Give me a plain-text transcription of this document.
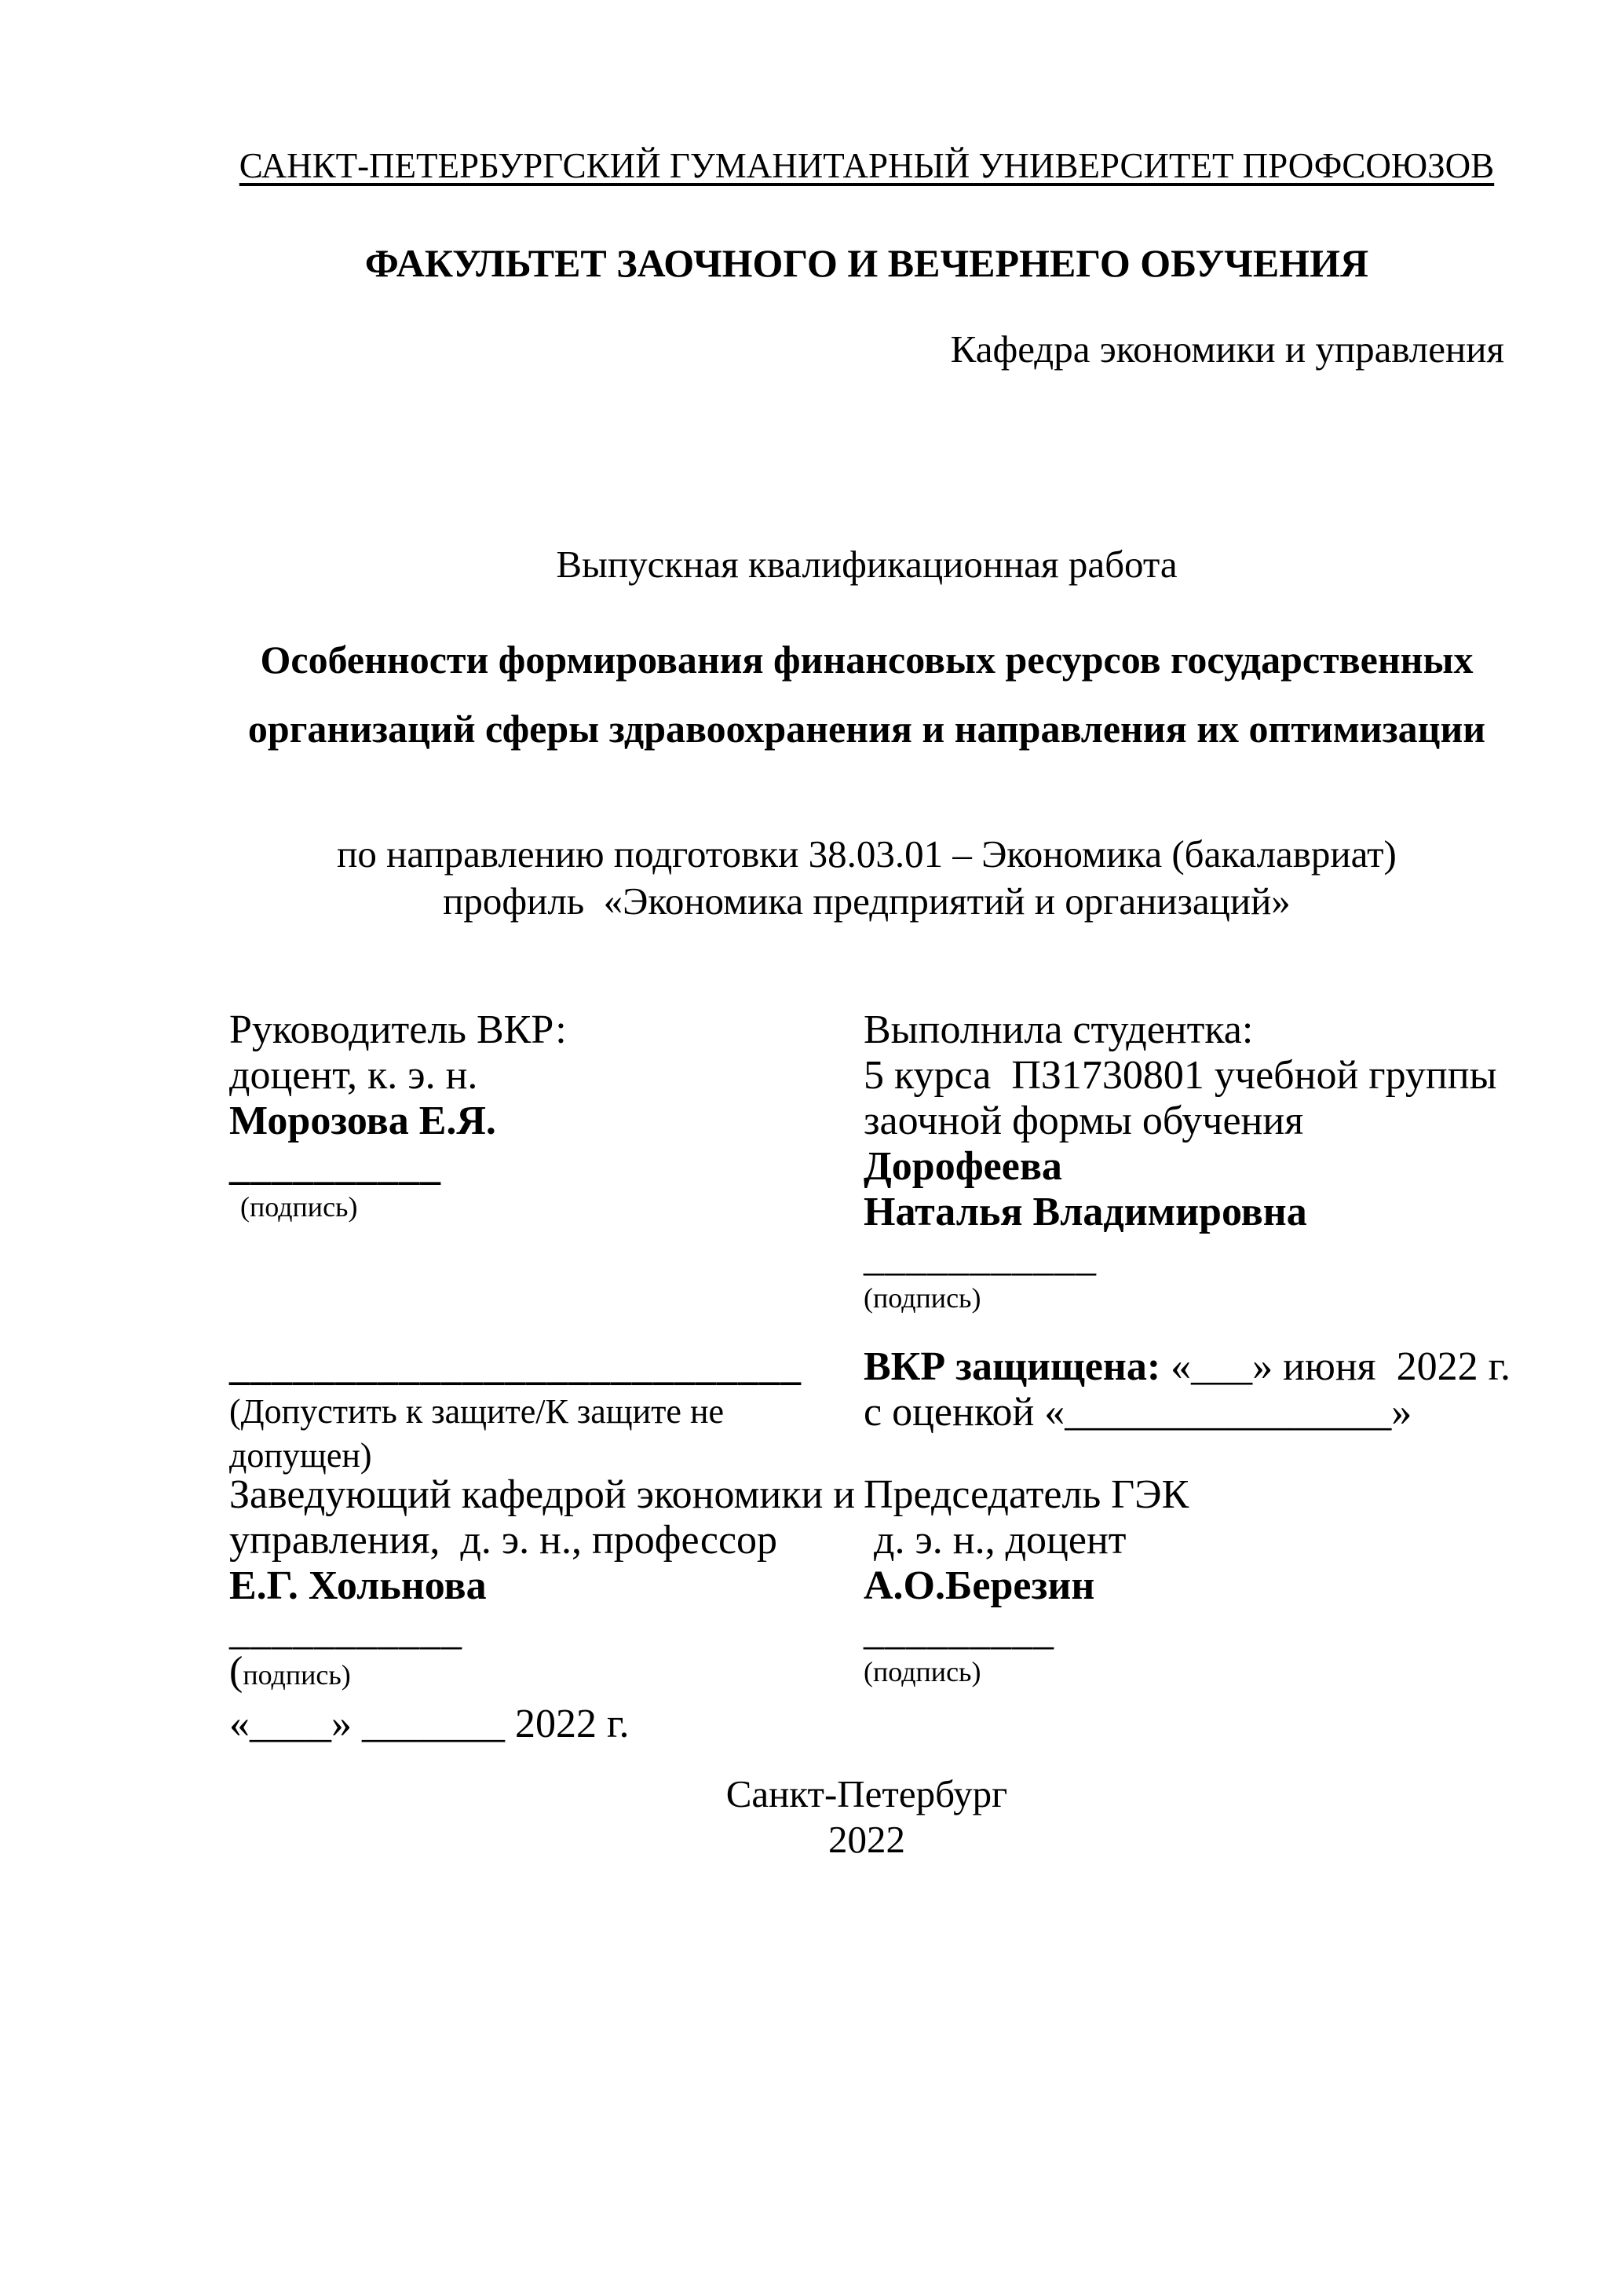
САНКТ-ПЕТЕРБУРГСКИЙ ГУМАНИТАРНЫЙ УНИВЕРСИТЕТ ПРОФСОЮЗОВ
ФАКУЛЬТЕТ ЗАОЧНОГО И ВЕЧЕРНЕГО ОБУЧЕНИЯ
Кафедра экономики и управления
Выпускная квалификационная работа
Особенности формирования финансовых ресурсов государственных
организаций сферы здравоохранения и направления их оптимизации
по направлению подготовки 38.03.01 – Экономика (бакалавриат)
профиль  «Экономика предприятий и организаций»
Руководитель ВКР:
доцент, к. э. н.
Морозова Е.Я.
__________
(подпись)
Выполнила студентка:
5 курса  ПЗ1730801 учебной группы
заочной формы обучения
Дорофеева
Наталья Владимировна
___________
(подпись)
___________________________
(Допустить к защите/К защите не допущен)
ВКР защищена: «___» июня  2022 г.
с оценкой «________________»
Заведующий кафедрой экономики и
управления,  д. э. н., профессор
Е.Г. Хольнова
___________
(подпись)
«____» _______ 2022 г.
Председатель ГЭК
д. э. н., доцент
А.О.Березин
_________
(подпись)
Санкт-Петербург
2022
